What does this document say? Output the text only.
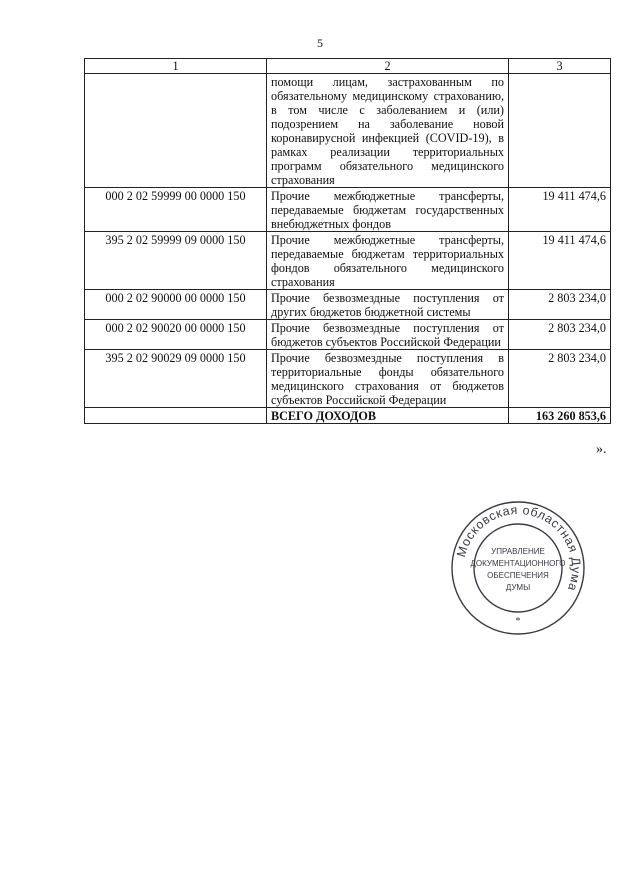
5
1	2	3
	помощи лицам, застрахованным по обязательному медицинскому страхованию, в том числе с заболеванием и (или) подозрением на заболевание новой коронавирусной инфекцией (COVID-19), в рамках реализации территориальных программ обязательного медицинского страхования	
000 2 02 59999 00 0000 150	Прочие межбюджетные трансферты, передаваемые бюджетам государственных внебюджетных фондов	19 411 474,6
395 2 02 59999 09 0000 150	Прочие межбюджетные трансферты, передаваемые бюджетам территориальных фондов обязательного медицинского страхования	19 411 474,6
000 2 02 90000 00 0000 150	Прочие безвозмездные поступления от других бюджетов бюджетной системы	2 803 234,0
000 2 02 90020 00 0000 150	Прочие безвозмездные поступления от бюджетов субъектов Российской Федерации	2 803 234,0
395 2 02 90029 09 0000 150	Прочие безвозмездные поступления в территориальные фонды обязательного медицинского страхования от бюджетов субъектов Российской Федерации	2 803 234,0
	ВСЕГО ДОХОДОВ	163 260 853,6
».
Московская областная Дума
УПРАВЛЕНИЕ
ДОКУМЕНТАЦИОННОГО
ОБЕСПЕЧЕНИЯ
ДУМЫ
*
